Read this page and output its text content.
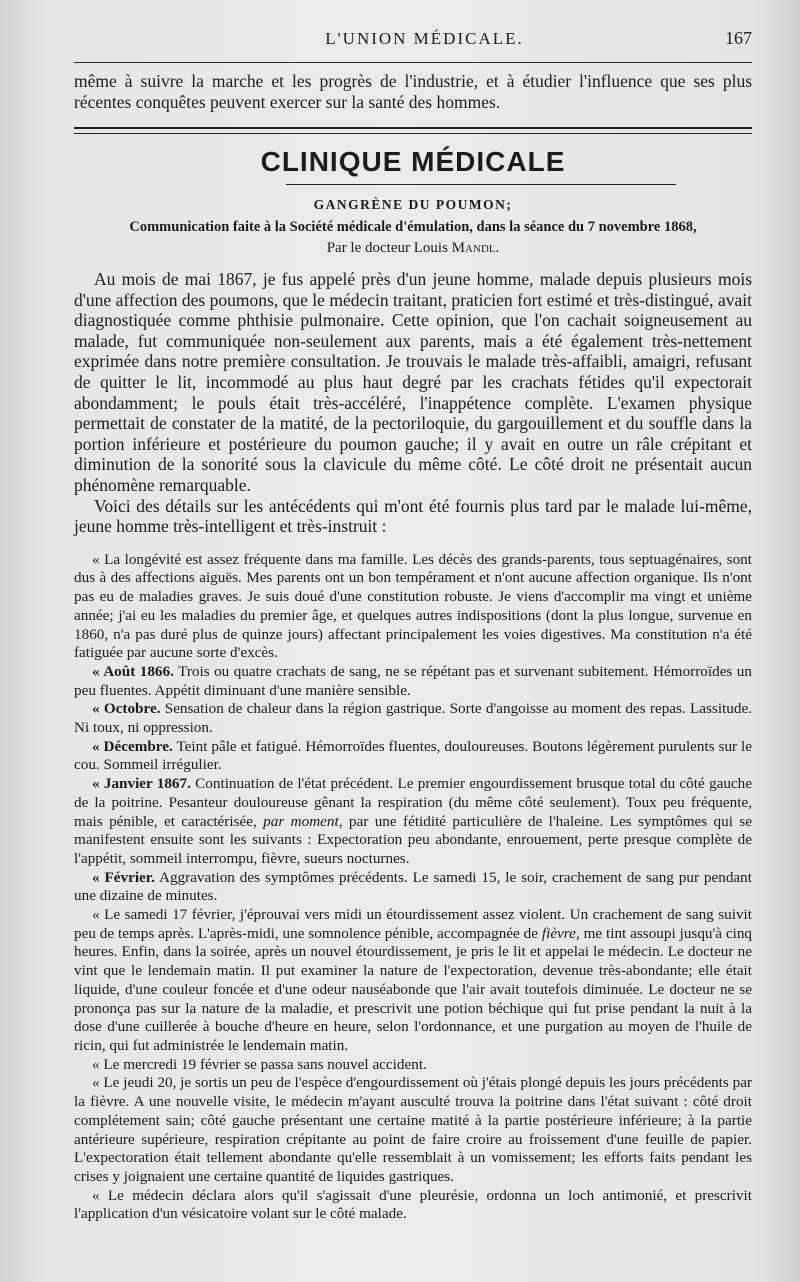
L'UNION MÉDICALE.	167
même à suivre la marche et les progrès de l'industrie, et à étudier l'influence que ses plus récentes conquêtes peuvent exercer sur la santé des hommes.
CLINIQUE MÉDICALE
GANGRÈNE DU POUMON;
Communication faite à la Société médicale d'émulation, dans la séance du 7 novembre 1868,
Par le docteur Louis Mandl.

Au mois de mai 1867, je fus appelé près d'un jeune homme, malade depuis plusieurs mois d'une affection des poumons, que le médecin traitant, praticien fort estimé et très-distingué, avait diagnostiquée comme phthisie pulmonaire. Cette opinion, que l'on cachait soigneusement au malade, fut communiquée non-seulement aux parents, mais a été également très-nettement exprimée dans notre première consultation. Je trouvais le malade très-affaibli, amaigri, refusant de quitter le lit, incommodé au plus haut degré par les crachats fétides qu'il expectorait abondamment; le pouls était très-accéléré, l'inappétence complète. L'examen physique permettait de constater de la matité, de la pectoriloquie, du gargouillement et du souffle dans la portion inférieure et postérieure du poumon gauche; il y avait en outre un râle crépitant et diminution de la sonorité sous la clavicule du même côté. Le côté droit ne présentait aucun phénomène remarquable.

Voici des détails sur les antécédents qui m'ont été fournis plus tard par le malade lui-même, jeune homme très-intelligent et très-instruit :

« La longévité est assez fréquente dans ma famille. Les décès des grands-parents, tous septuagénaires, sont dus à des affections aiguës. Mes parents ont un bon tempérament et n'ont aucune affection organique. Ils n'ont pas eu de maladies graves. Je suis doué d'une constitution robuste. Je viens d'accomplir ma vingt et unième année; j'ai eu les maladies du premier âge, et quelques autres indispositions (dont la plus longue, survenue en 1860, n'a pas duré plus de quinze jours) affectant principalement les voies digestives. Ma constitution n'a été fatiguée par aucune sorte d'excès.

« Août 1866. Trois ou quatre crachats de sang, ne se répétant pas et survenant subitement. Hémorroïdes un peu fluentes. Appétit diminuant d'une manière sensible.

« Octobre. Sensation de chaleur dans la région gastrique. Sorte d'angoisse au moment des repas. Lassitude. Ni toux, ni oppression.

« Décembre. Teint pâle et fatigué. Hémorroïdes fluentes, douloureuses. Boutons légèrement purulents sur le cou. Sommeil irrégulier.

« Janvier 1867. Continuation de l'état précédent. Le premier engourdissement brusque total du côté gauche de la poitrine. Pesanteur douloureuse gênant la respiration (du même côté seulement). Toux peu fréquente, mais pénible, et caractérisée, par moment, par une fétidité particulière de l'haleine. Les symptômes qui se manifestent ensuite sont les suivants : Expectoration peu abondante, enrouement, perte presque complète de l'appétit, sommeil interrompu, fièvre, sueurs nocturnes.

« Février. Aggravation des symptômes précédents. Le samedi 15, le soir, crachement de sang pur pendant une dizaine de minutes.

« Le samedi 17 février, j'éprouvai vers midi un étourdissement assez violent. Un crachement de sang suivit peu de temps après. L'après-midi, une somnolence pénible, accompagnée de fièvre, me tint assoupi jusqu'à cinq heures. Enfin, dans la soirée, après un nouvel étourdissement, je pris le lit et appelai le médecin. Le docteur ne vint que le lendemain matin. Il put examiner la nature de l'expectoration, devenue très-abondante; elle était liquide, d'une couleur foncée et d'une odeur nauséabonde que l'air avait toutefois diminuée. Le docteur ne se prononça pas sur la nature de la maladie, et prescrivit une potion béchique qui fut prise pendant la nuit à la dose d'une cuillerée à bouche d'heure en heure, selon l'ordonnance, et une purgation au moyen de l'huile de ricin, qui fut administrée le lendemain matin.

« Le mercredi 19 février se passa sans nouvel accident.

« Le jeudi 20, je sortis un peu de l'espèce d'engourdissement où j'étais plongé depuis les jours précédents par la fièvre. A une nouvelle visite, le médecin m'ayant ausculté trouva la poitrine dans l'état suivant : côté droit complétement sain; côté gauche présentant une certaine matité à la partie postérieure inférieure; à la partie antérieure supérieure, respiration crépitante au point de faire croire au froissement d'une feuille de papier. L'expectoration était tellement abondante qu'elle ressemblait à un vomissement; les efforts faits pendant les crises y joignaient une certaine quantité de liquides gastriques.

« Le médecin déclara alors qu'il s'agissait d'une pleurésie, ordonna un loch antimonié, et prescrivit l'application d'un vésicatoire volant sur le côté malade.
